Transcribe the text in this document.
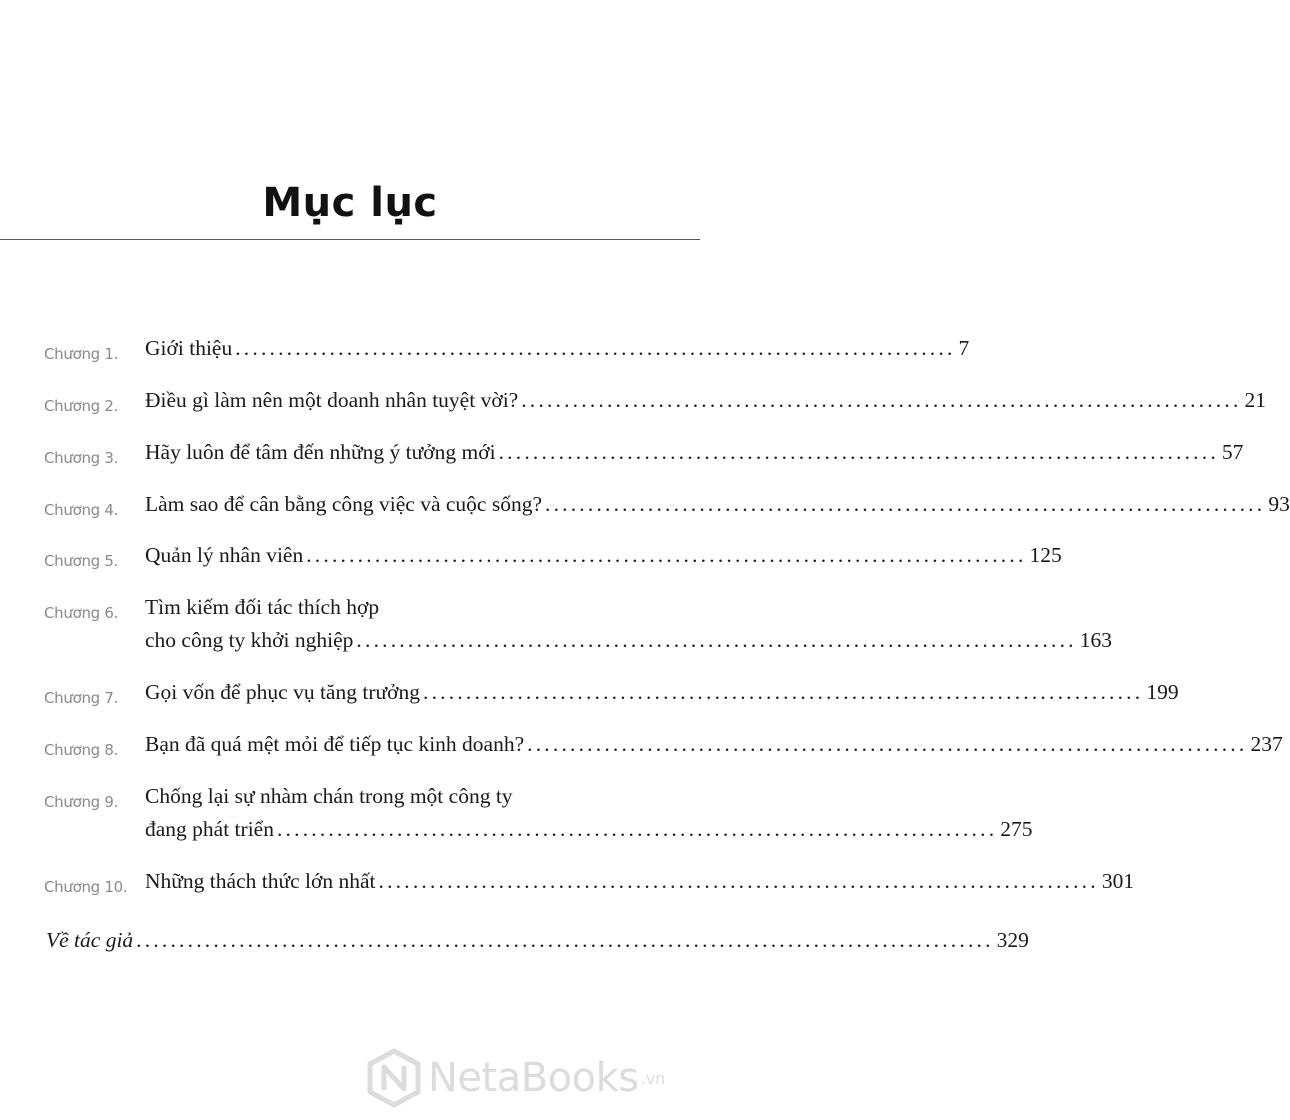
Mục lục
Chương 1. Giới thiệu .................................................................................... 7
Chương 2. Điều gì làm nên một doanh nhân tuyệt vời? .................................................................................... 21
Chương 3. Hãy luôn để tâm đến những ý tưởng mới .................................................................................... 57
Chương 4. Làm sao để cân bằng công việc và cuộc sống? .................................................................................... 93
Chương 5. Quản lý nhân viên .................................................................................... 125
Chương 6. Tìm kiếm đối tác thích hợp
cho công ty khởi nghiệp .................................................................................... 163
Chương 7. Gọi vốn để phục vụ tăng trưởng .................................................................................... 199
Chương 8. Bạn đã quá mệt mỏi để tiếp tục kinh doanh? .................................................................................... 237
Chương 9. Chống lại sự nhàm chán trong một công ty
đang phát triển .................................................................................... 275
Chương 10. Những thách thức lớn nhất .................................................................................... 301
Về tác giả .................................................................................................... 329
NetaBooks .vn
